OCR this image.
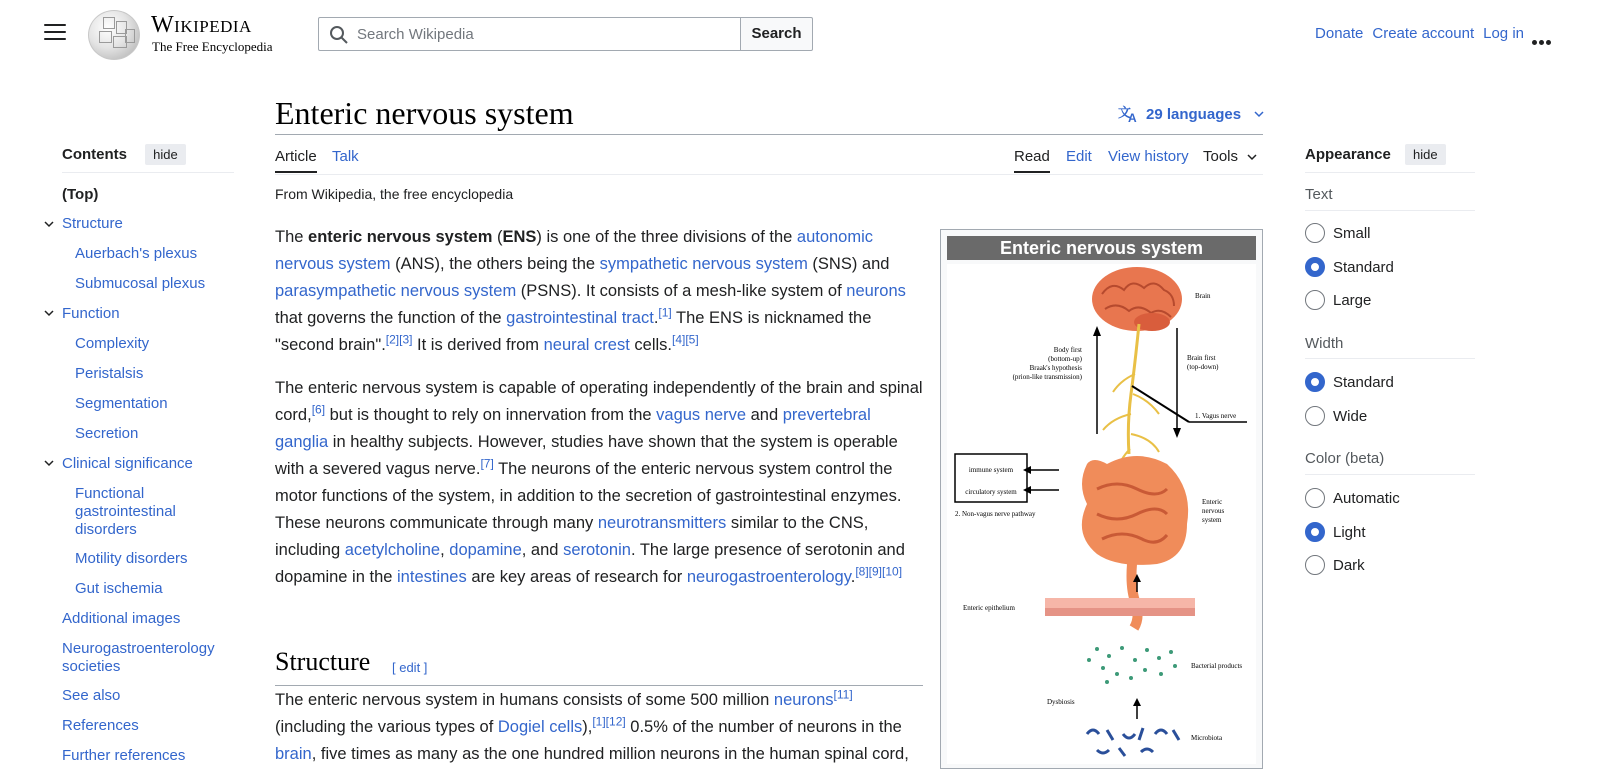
Wikipedia
The Free Encyclopedia
Search Wikipedia
Search	Donate Create account Log in
Contents hide
(Top)
Structure
Auerbach's plexus
Submucosal plexus
Function
Complexity
Peristalsis
Segmentation
Secretion
Clinical significance
Functional gastrointestinal disorders
Motility disorders
Gut ischemia
Additional images
Neurogastroenterology societies
See also
References
Further references
Enteric nervous system	文
A 29 languages
Article Talk	Read Edit View history Tools
From Wikipedia, the free encyclopedia
The enteric nervous system (ENS) is one of the three divisions of the autonomic nervous system (ANS), the others being the sympathetic nervous system (SNS) and parasympathetic nervous system (PSNS). It consists of a mesh-like system of neurons that governs the function of the gastrointestinal tract.[1] The ENS is nicknamed the "second brain".[2][3] It is derived from neural crest cells.[4][5]
The enteric nervous system is capable of operating independently of the brain and spinal cord,[6] but is thought to rely on innervation from the vagus nerve and prevertebral ganglia in healthy subjects. However, studies have shown that the system is operable with a severed vagus nerve.[7] The neurons of the enteric nervous system control the motor functions of the system, in addition to the secretion of gastrointestinal enzymes. These neurons communicate through many neurotransmitters similar to the CNS, including acetylcholine, dopamine, and serotonin. The large presence of serotonin and dopamine in the intestines are key areas of research for neurogastroenterology.[8][9][10]
Structure [ edit ]
The enteric nervous system in humans consists of some 500 million neurons[11] (including the various types of Dogiel cells),[1][12] 0.5% of the number of neurons in the brain, five times as many as the one hundred million neurons in the human spinal cord,
Enteric nervous system
Brain
Body first
(bottom-up)
Braak's hypothesis
(prion-like transmission)
Brain first
(top-down)
1. Vagus nerve
Enteric
nervous
system
immune system
circulatory system
2. Non-vagus nerve pathway
Enteric epithelium
Bacterial products
Dysbiosis
Microbiota
Appearance hide
Text
Small
Standard
Large
Width
Standard
Wide
Color (beta)
Automatic
Light
Dark
